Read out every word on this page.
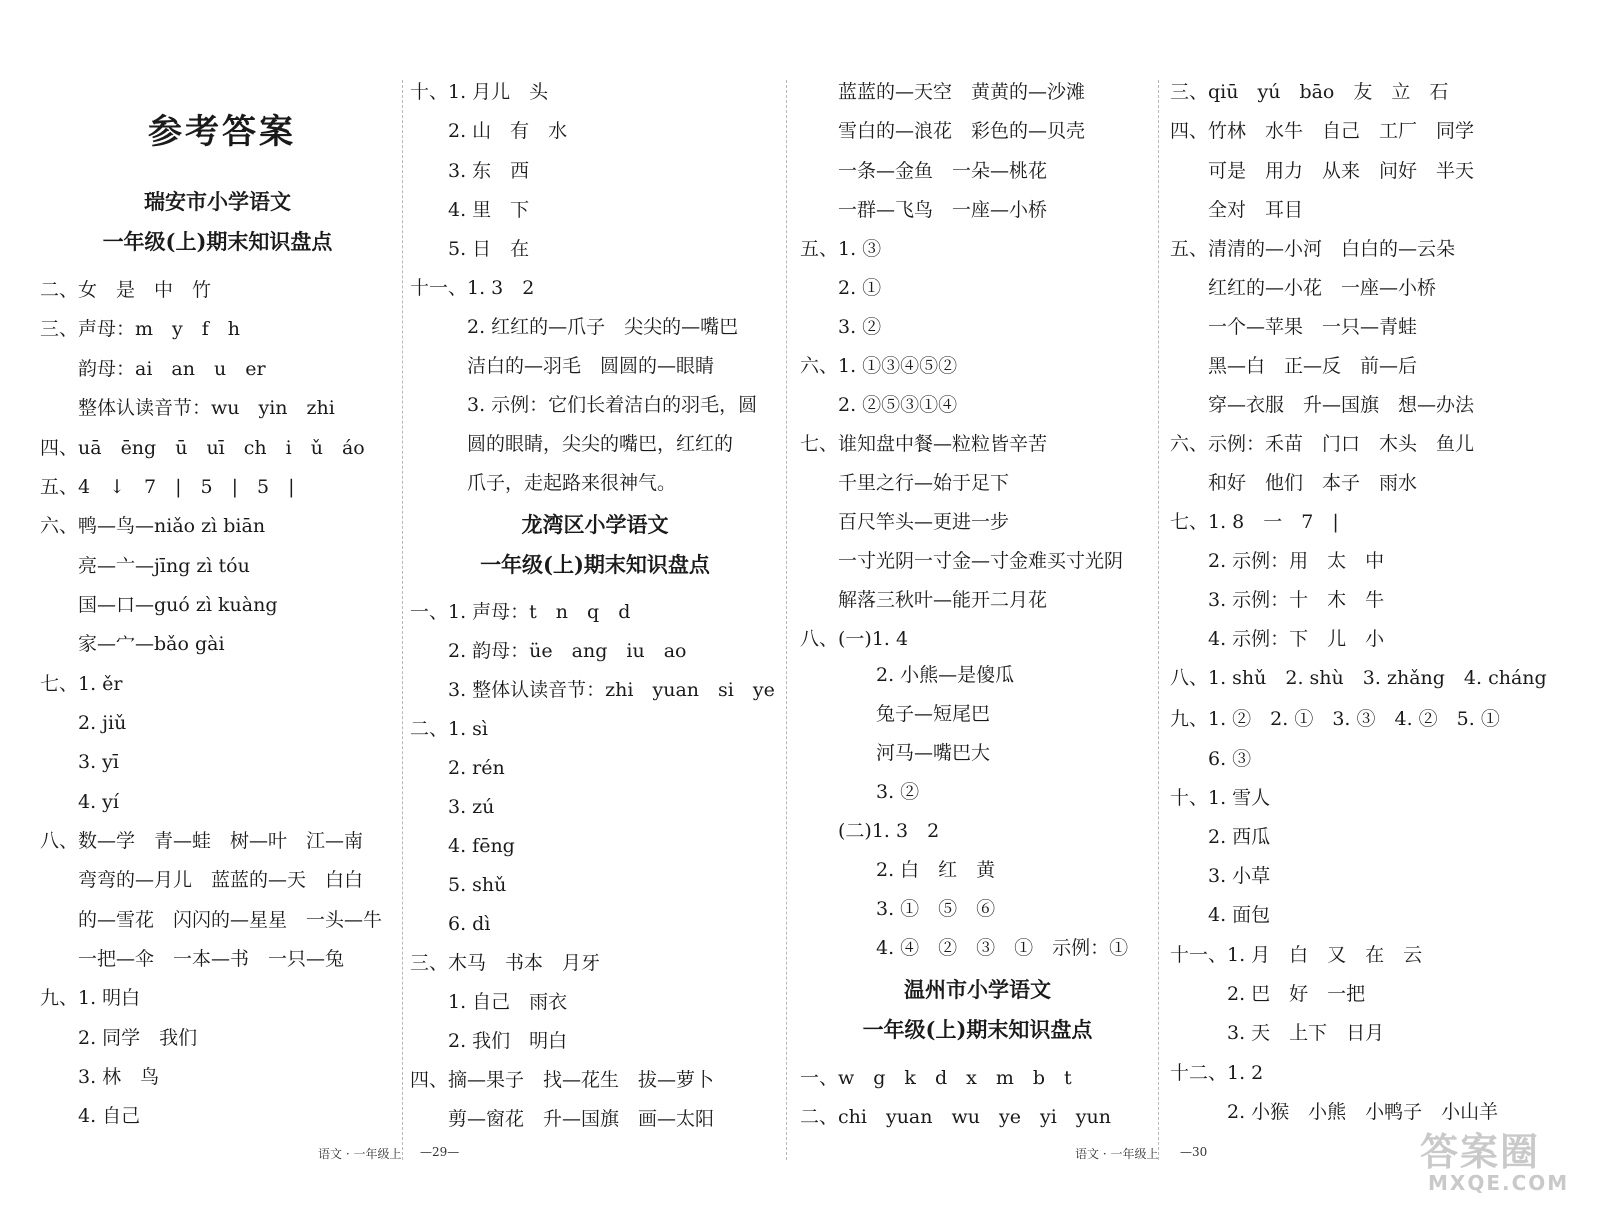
参考答案
瑞安市小学语文
一年级(上)期末知识盘点
二、女　是　中　竹
三、声母：m　y　f　h
　　韵母：ai　an　u　er
　　整体认读音节：wu　yin　zhi
四、uā　ēng　ū　uī　ch　i　ǔ　áo
五、4　↓　7　|　5　|　5　|
六、鸭—鸟—niǎo zì biān
　　亮—亠—jīng zì tóu
　　国—口—guó zì kuàng
　　家—宀—bǎo gài
七、1. ěr
　　2. jiǔ
　　3. yī
　　4. yí
八、数—学　青—蛙　树—叶　江—南
　　弯弯的—月儿　蓝蓝的—天　白白
　　的—雪花　闪闪的—星星　一头—牛
　　一把—伞　一本—书　一只—兔
九、1. 明白
　　2. 同学　我们
　　3. 林　鸟
　　4. 自己
十、1. 月儿　头
　　2. 山　有　水
　　3. 东　西
　　4. 里　下
　　5. 日　在
十一、1. 3　2
　　　2. 红红的—爪子　尖尖的—嘴巴
　　　洁白的—羽毛　圆圆的—眼睛
　　　3. 示例：它们长着洁白的羽毛，圆
　　　圆的眼睛，尖尖的嘴巴，红红的
　　　爪子，走起路来很神气。
龙湾区小学语文
一年级(上)期末知识盘点
一、1. 声母：t　n　q　d
　　2. 韵母：üe　ang　iu　ao
　　3. 整体认读音节：zhi　yuan　si　ye
二、1. sì
　　2. rén
　　3. zú
　　4. fēng
　　5. shǔ
　　6. dì
三、木马　书本　月牙
　　1. 自己　雨衣
　　2. 我们　明白
四、摘—果子　找—花生　拔—萝卜
　　剪—窗花　升—国旗　画—太阳
　　蓝蓝的—天空　黄黄的—沙滩
　　雪白的—浪花　彩色的—贝壳
　　一条—金鱼　一朵—桃花
　　一群—飞鸟　一座—小桥
五、1. ③
　　2. ①
　　3. ②
六、1. ①③④⑤②
　　2. ②⑤③①④
七、谁知盘中餐—粒粒皆辛苦
　　千里之行—始于足下
　　百尺竿头—更进一步
　　一寸光阴一寸金—寸金难买寸光阴
　　解落三秋叶—能开二月花
八、(一)1. 4
　　　　2. 小熊—是傻瓜
　　　　兔子—短尾巴
　　　　河马—嘴巴大
　　　　3. ②
　　(二)1. 3　2
　　　　2. 白　红　黄
　　　　3. ①　⑤　⑥
　　　　4. ④　②　③　①　示例：①
温州市小学语文
一年级(上)期末知识盘点
一、w　g　k　d　x　m　b　t
二、chi　yuan　wu　ye　yi　yun
三、qiū　yú　bāo　友　立　石
四、竹林　水牛　自己　工厂　同学
　　可是　用力　从来　问好　半天
　　全对　耳目
五、清清的—小河　白白的—云朵
　　红红的—小花　一座—小桥
　　一个—苹果　一只—青蛙
　　黑—白　正—反　前—后
　　穿—衣服　升—国旗　想—办法
六、示例：禾苗　门口　木头　鱼儿
　　和好　他们　本子　雨水
七、1. 8　一　7　|
　　2. 示例：用　太　中
　　3. 示例：十　木　牛
　　4. 示例：下　儿　小
八、1. shǔ　2. shù　3. zhǎng　4. cháng
九、1. ②　2. ①　3. ③　4. ②　5. ①
　　6. ③
十、1. 雪人
　　2. 西瓜
　　3. 小草
　　4. 面包
十一、1. 月　白　又　在　云
　　　2. 巴　好　一把
　　　3. 天　上下　日月
十二、1. 2
　　　2. 小猴　小熊　小鸭子　小山羊
语文 · 一年级上 —29—	语文 · 一年级上 —30	答案圈
MXQE.COM
